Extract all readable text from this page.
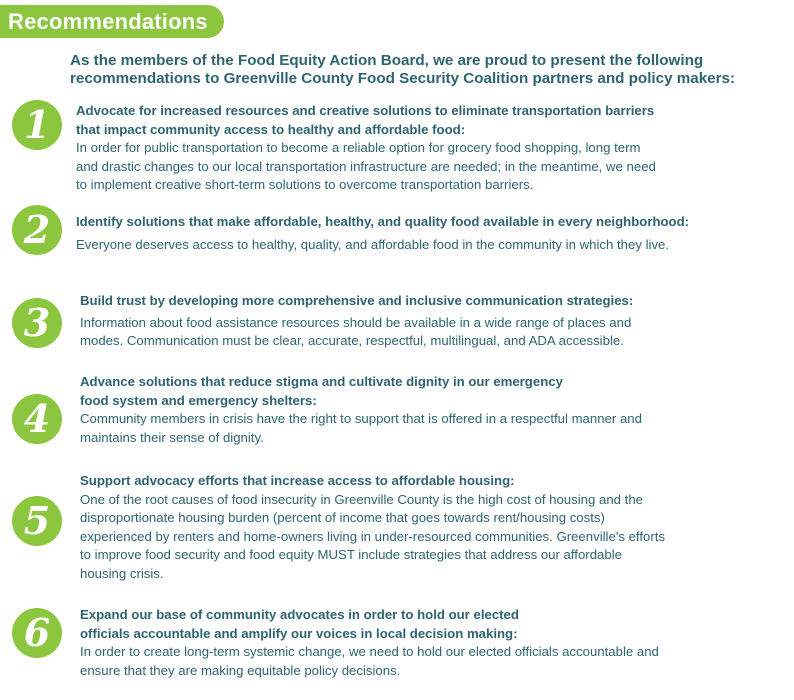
Recommendations
As the members of the Food Equity Action Board, we are proud to present the following recommendations to Greenville County Food Security Coalition partners and policy makers:
1	Advocate for increased resources and creative solutions to eliminate transportation barriers
that impact community access to healthy and affordable food:
In order for public transportation to become a reliable option for grocery food shopping, long term
and drastic changes to our local transportation infrastructure are needed; in the meantime, we need
to implement creative short-term solutions to overcome transportation barriers.
2	Identify solutions that make affordable, healthy, and quality food available in every neighborhood:
Everyone deserves access to healthy, quality, and affordable food in the community in which they live.
3	Build trust by developing more comprehensive and inclusive communication strategies:
Information about food assistance resources should be available in a wide range of places and
modes. Communication must be clear, accurate, respectful, multilingual, and ADA accessible.
4
Advance solutions that reduce stigma and cultivate dignity in our emergency
food system and emergency shelters:
Community members in crisis have the right to support that is offered in a respectful manner and
maintains their sense of dignity.
5
Support advocacy efforts that increase access to affordable housing:
One of the root causes of food insecurity in Greenville County is the high cost of housing and the
disproportionate housing burden (percent of income that goes towards rent/housing costs)
experienced by renters and home-owners living in under-resourced communities. Greenville's efforts
to improve food security and food equity MUST include strategies that address our affordable
housing crisis.
6	Expand our base of community advocates in order to hold our elected
officials accountable and amplify our voices in local decision making:
In order to create long-term systemic change, we need to hold our elected officials accountable and
ensure that they are making equitable policy decisions.
